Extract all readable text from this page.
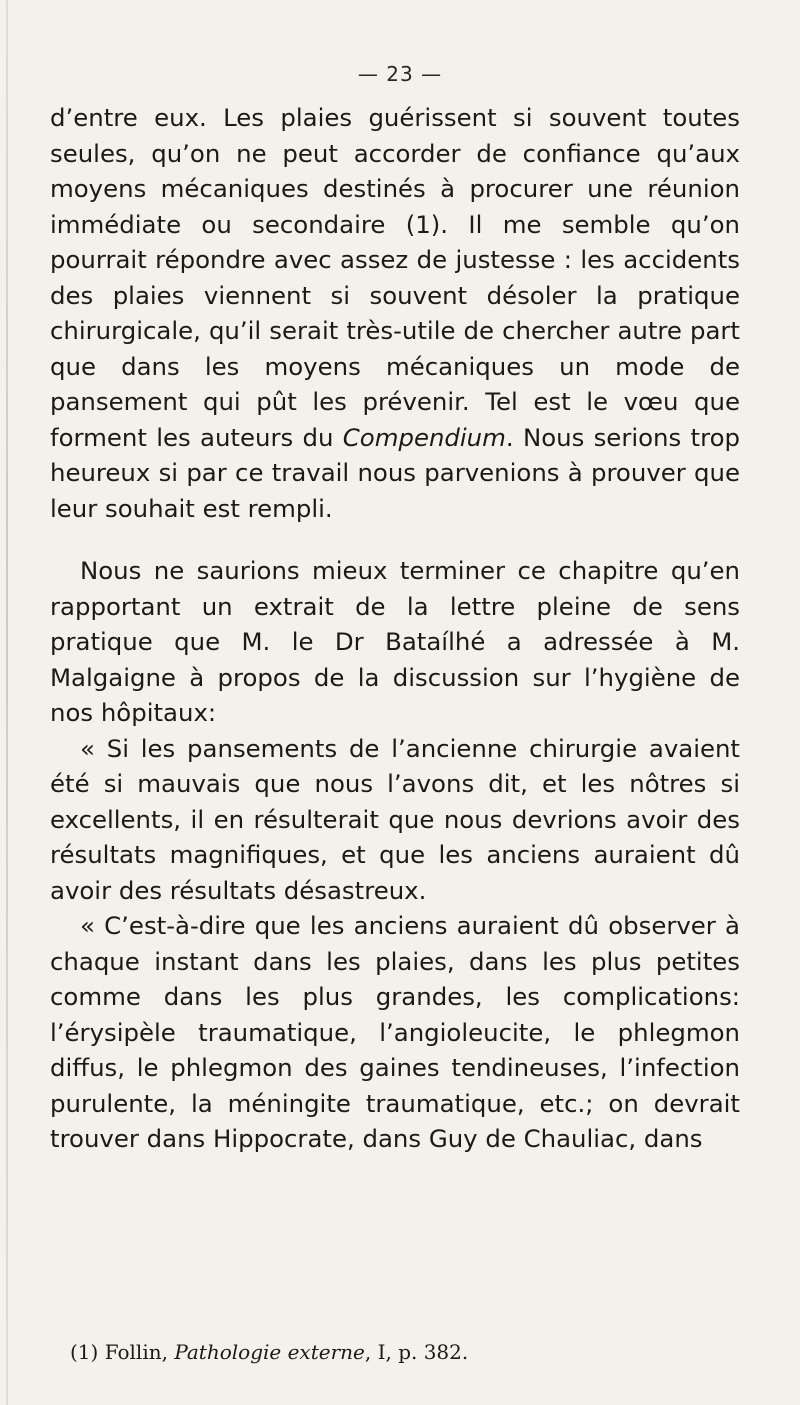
— 23 —

d’entre eux. Les plaies guérissent si souvent toutes seules, qu’on ne peut accorder de confiance qu’aux moyens mécaniques destinés à procurer une réunion immédiate ou secondaire (1). Il me semble qu’on pourrait répondre avec assez de justesse : les accidents des plaies viennent si souvent désoler la pratique chirurgicale, qu’il serait très-utile de chercher autre part que dans les moyens mécaniques un mode de pansement qui pût les prévenir. Tel est le vœu que forment les auteurs du Compendium. Nous serions trop heureux si par ce travail nous parvenions à prouver que leur souhait est rempli.

Nous ne saurions mieux terminer ce chapitre qu’en rapportant un extrait de la lettre pleine de sens pratique que M. le Dr Bataílhé a adressée à M. Malgaigne à propos de la discussion sur l’hygiène de nos hôpitaux:

« Si les pansements de l’ancienne chirurgie avaient été si mauvais que nous l’avons dit, et les nôtres si excellents, il en résulterait que nous devrions avoir des résultats magnifiques, et que les anciens auraient dû avoir des résultats désastreux.

« C’est-à-dire que les anciens auraient dû observer à chaque instant dans les plaies, dans les plus petites comme dans les plus grandes, les complications: l’érysipèle traumatique, l’angioleucite, le phlegmon diffus, le phlegmon des gaines tendineuses, l’infection purulente, la méningite traumatique, etc.; on devrait trouver dans Hippocrate, dans Guy de Chauliac, dans

(1) Follin, Pathologie externe, I, p. 382.
